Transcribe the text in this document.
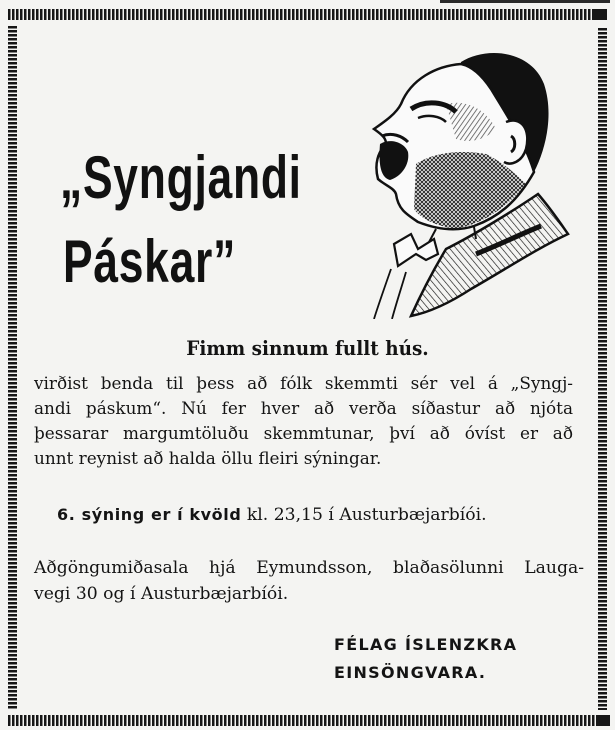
„Syngjandi

Páskar”
Fimm sinnum fullt hús.
virðist benda til þess að fólk skemmti sér vel á „Syngj-
andi páskum“. Nú fer hver að verða síðastur að njóta
þessarar margumtöluðu skemmtunar, því að óvíst er að
unnt reynist að halda öllu fleiri sýningar.
6. sýning er í kvöld kl. 23,15 í Austurbæjarbíói.
Aðgöngumiðasala hjá Eymundsson, blaðasölunni Lauga-
vegi 30 og í Austurbæjarbíói.
FÉLAG ÍSLENZKRA
EINSÖNGVARA.
